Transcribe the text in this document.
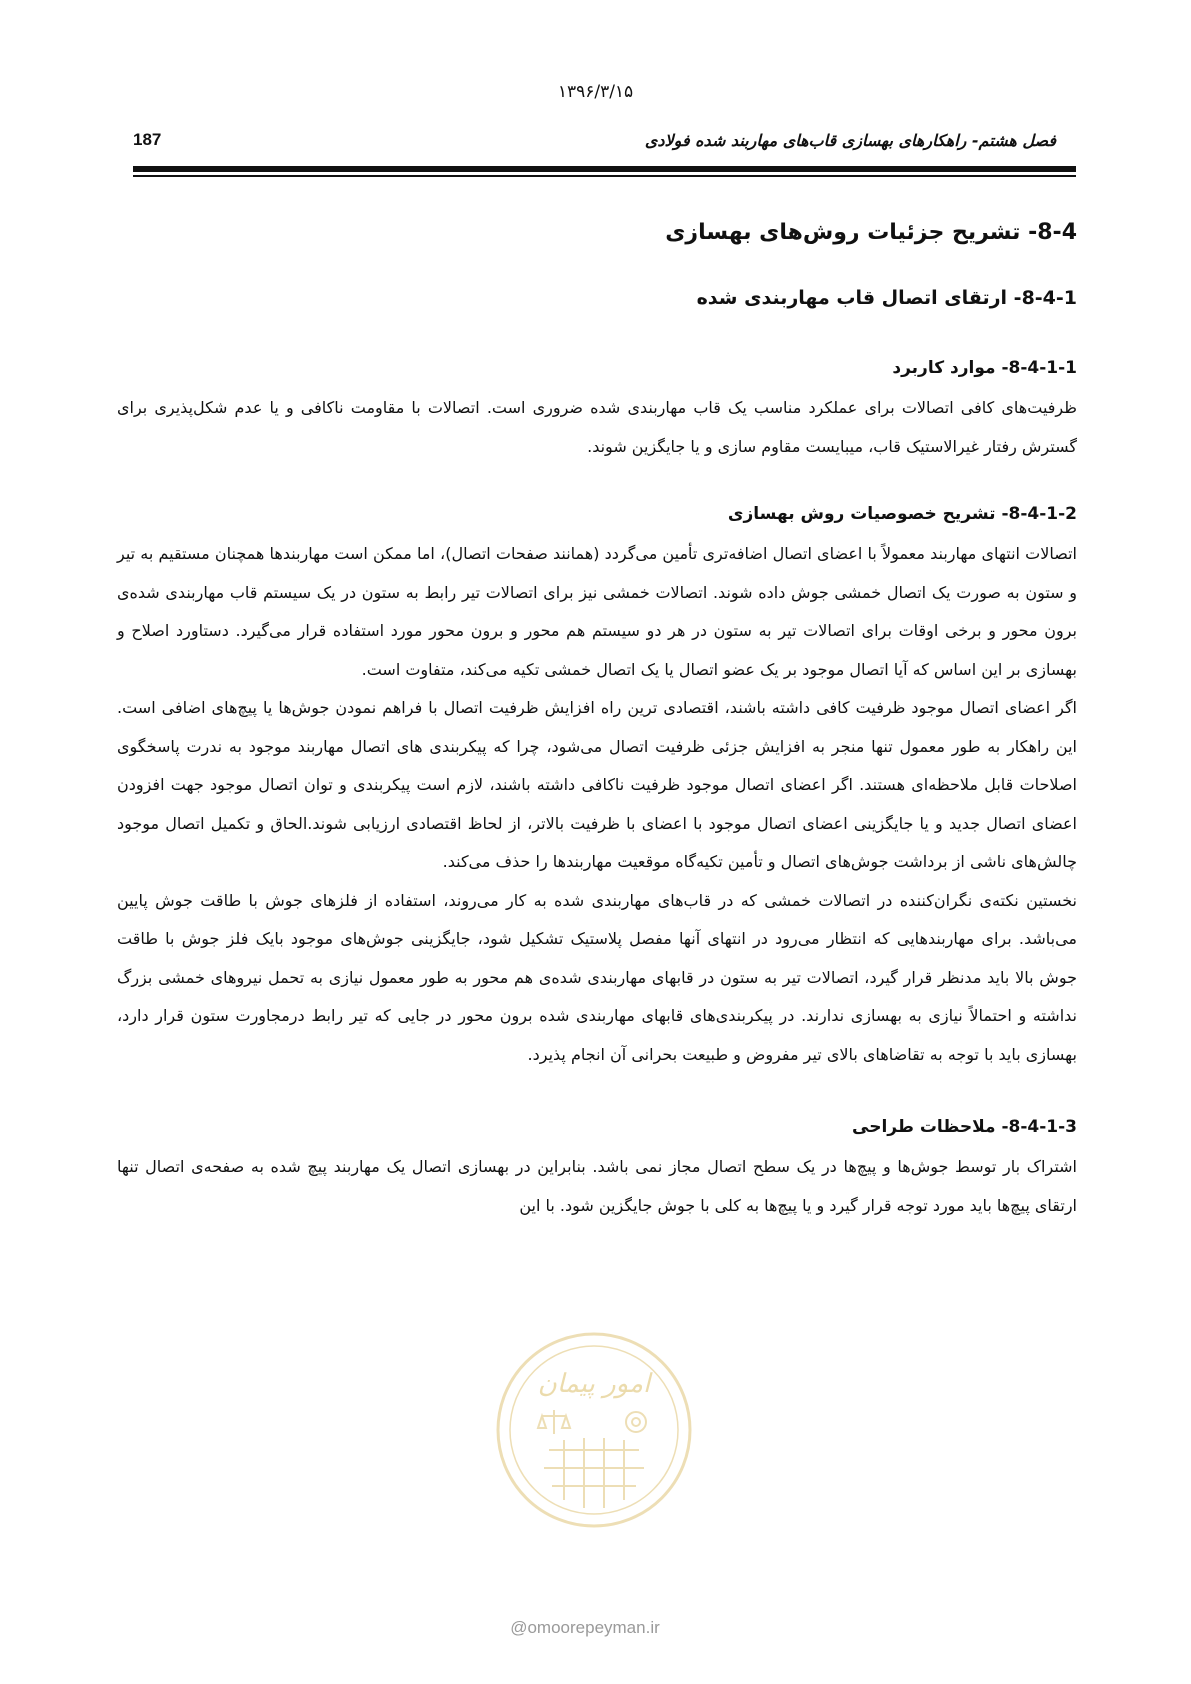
۱۳۹۶/۳/۱۵
فصل هشتم- راهکارهای بهسازی قاب‌های مهاربند شده فولادی
187
8-4- تشریح جزئیات روش‌های بهسازی
8-4-1- ارتقای اتصال قاب مهاربندی شده
8-4-1-1- موارد کاربرد

ظرفیت‌های کافی اتصالات برای عملکرد مناسب یک قاب مهاربندی شده ضروری است. اتصالات با مقاومت ناکافی و یا عدم شکل‌پذیری برای گسترش رفتار غیرالاستیک قاب، میبایست مقاوم سازی و یا جایگزین شوند.

8-4-1-2- تشریح خصوصیات روش بهسازی

اتصالات انتهای مهاربند معمولاً با اعضای اتصال اضافه‌تری تأمین می‌گردد (همانند صفحات اتصال)، اما ممکن است مهاربندها همچنان مستقیم به تیر و ستون به صورت یک اتصال خمشی جوش داده شوند. اتصالات خمشی نیز برای اتصالات تیر رابط به ستون در یک سیستم قاب مهاربندی شده‌ی برون محور و برخی اوقات برای اتصالات تیر به ستون در هر دو سیستم هم محور و برون محور مورد استفاده قرار می‌گیرد. دستاورد اصلاح و بهسازی بر این اساس که آیا اتصال موجود بر یک عضو اتصال یا یک اتصال خمشی تکیه می‌کند، متفاوت است.

اگر اعضای اتصال موجود ظرفیت کافی داشته باشند، اقتصادی ترین راه افزایش ظرفیت اتصال با فراهم نمودن جوش‌ها یا پیچ‌های اضافی است. این راهکار به طور معمول تنها منجر به افزایش جزئی ظرفیت اتصال می‌شود، چرا که پیکربندی های اتصال مهاربند موجود به ندرت پاسخگوی اصلاحات قابل ملاحظه‌ای هستند. اگر اعضای اتصال موجود ظرفیت ناکافی داشته باشند، لازم است پیکربندی و توان اتصال موجود جهت افزودن اعضای اتصال جدید و یا جایگزینی اعضای اتصال موجود با اعضای با ظرفیت بالاتر، از لحاظ اقتصادی ارزیابی شوند.الحاق و تکمیل اتصال موجود چالش‌های ناشی از برداشت جوش‌های اتصال و تأمین تکیه‌گاه موقعیت مهاربندها را حذف می‌کند.

نخستین نکته‌ی نگران‌کننده در اتصالات خمشی که در قاب‌های مهاربندی شده به کار می‌روند، استفاده از فلزهای جوش با طاقت جوش پایین می‌باشد. برای مهاربندهایی که انتظار می‌رود در انتهای آنها مفصل پلاستیک تشکیل شود، جایگزینی جوش‌های موجود بایک فلز جوش با طاقت جوش بالا باید مدنظر قرار گیرد، اتصالات تیر به ستون در قابهای مهاربندی شده‌ی هم محور به طور معمول نیازی به تحمل نیروهای خمشی بزرگ نداشته و احتمالاً نیازی به بهسازی ندارند. در پیکربندی‌های قابهای مهاربندی شده برون محور در جایی که تیر رابط درمجاورت ستون قرار دارد، بهسازی باید با توجه به تقاضاهای بالای تیر مفروض و طبیعت بحرانی آن انجام پذیرد.

8-4-1-3- ملاحظات طراحی

اشتراک بار توسط جوش‌ها و پیچ‌ها در یک سطح اتصال مجاز نمی باشد. بنابراین در بهسازی اتصال یک مهاربند پیچ شده به صفحه‌ی اتصال تنها ارتقای پیچ‌ها باید مورد توجه قرار گیرد و یا پیچ‌ها به کلی با جوش جایگزین شود. با این

امور پیمان
@omoorepeyman.ir
